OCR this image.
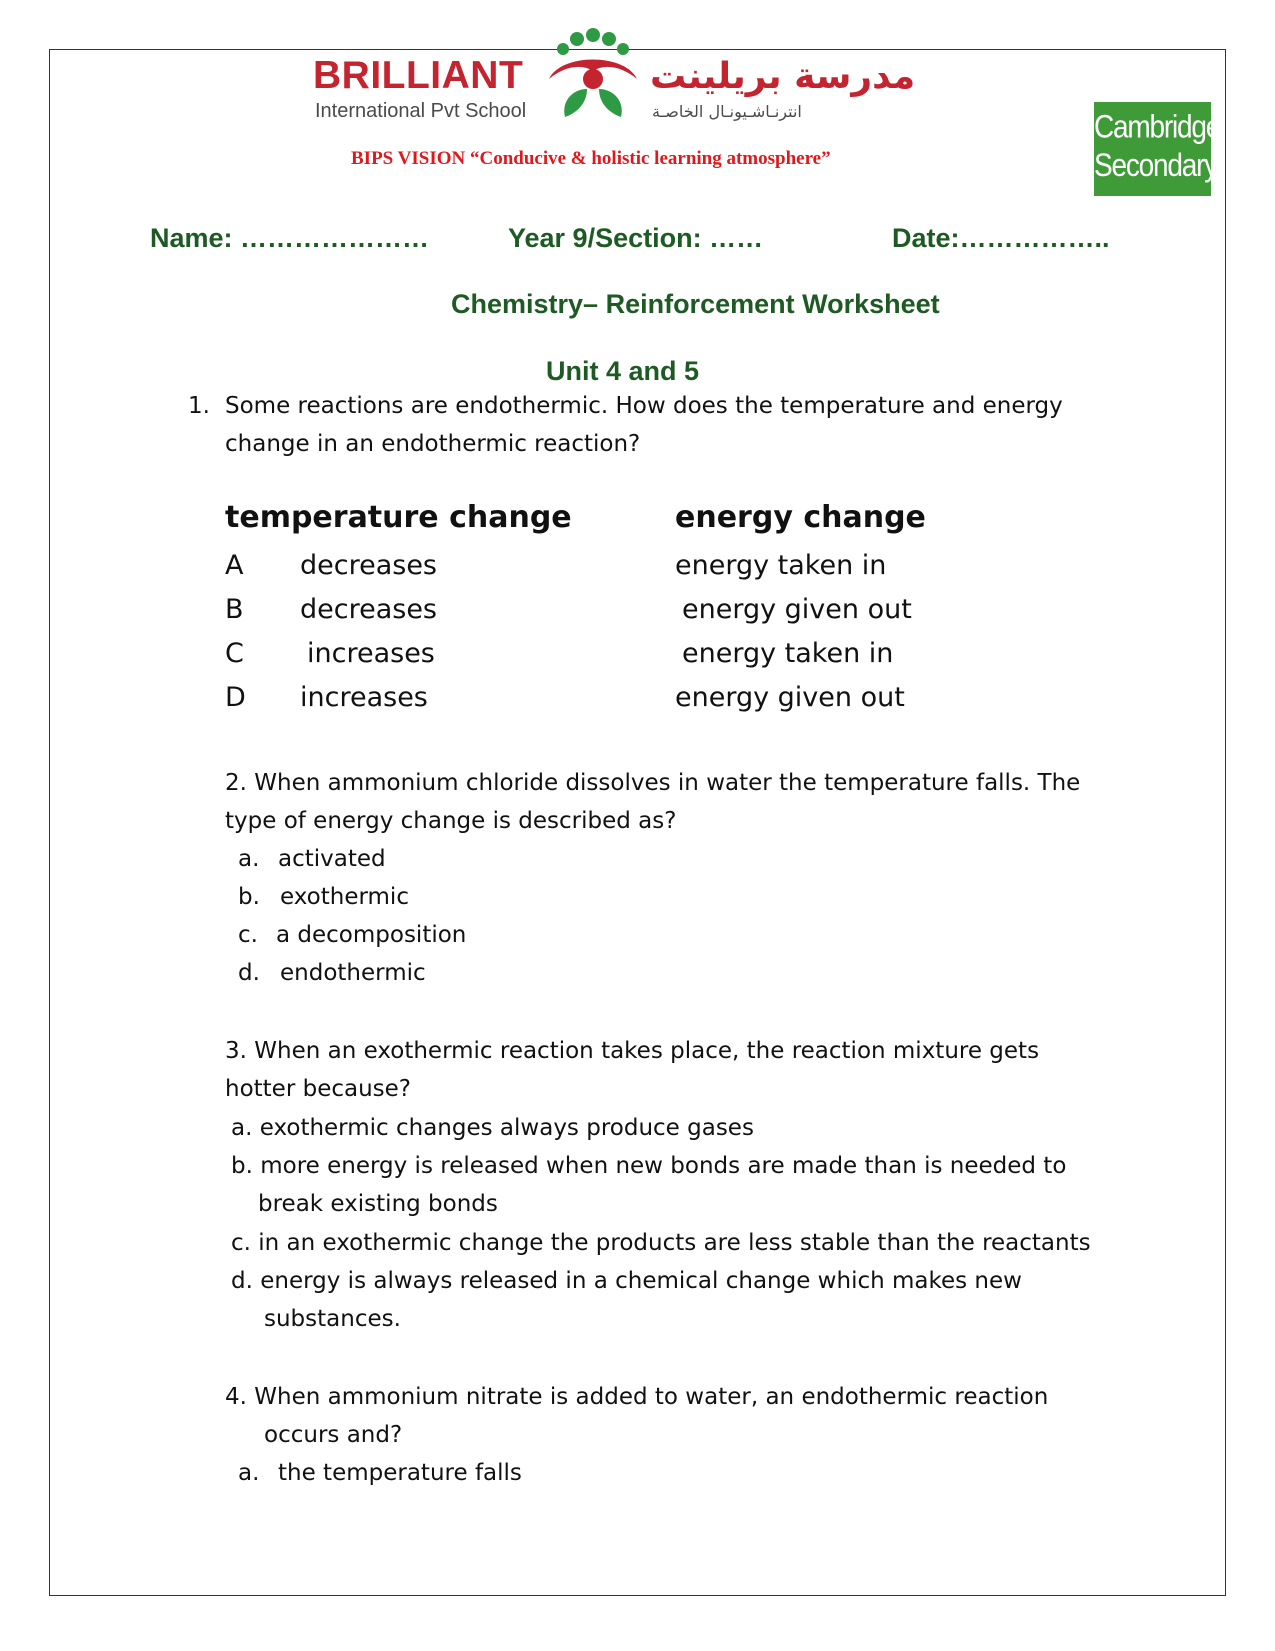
BRILLIANT
International Pvt School
مدرسة بريلينت
انترنـاشـيونـال الخاصـة
BIPS VISION “Conducive & holistic learning atmosphere”
Cambridge
Secondary 1
Name: …………………	Year 9/Section: ……	Date:……………..
Chemistry– Reinforcement Worksheet
Unit 4 and 5
1. Some reactions are endothermic. How does the temperature and energy
change in an endothermic reaction?
temperature change	energy change
A decreases	energy taken in
B decreases	energy given out
C increases	energy taken in
D increases	energy given out
2. When ammonium chloride dissolves in water the temperature falls. The
type of energy change is described as?
a. activated
b. exothermic
c. a decomposition
d. endothermic
3. When an exothermic reaction takes place, the reaction mixture gets
hotter because?
a. exothermic changes always produce gases
b. more energy is released when new bonds are made than is needed to
break existing bonds
c. in an exothermic change the products are less stable than the reactants
d. energy is always released in a chemical change which makes new
substances.
4. When ammonium nitrate is added to water, an endothermic reaction
occurs and?
a. the temperature falls
